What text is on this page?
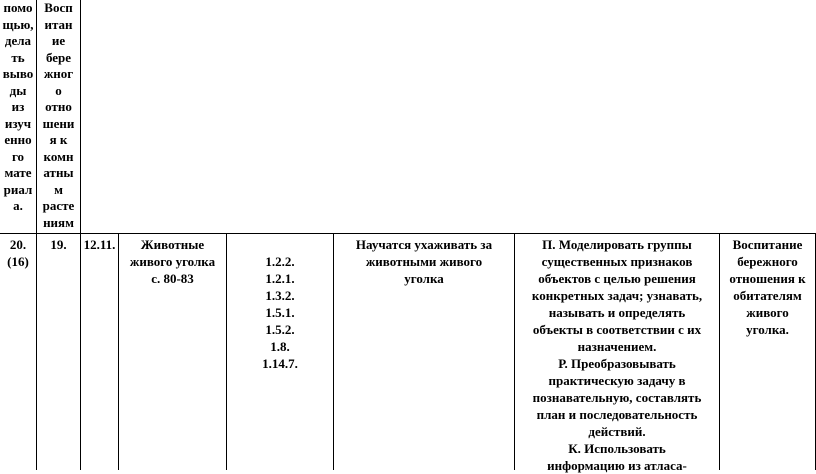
помо
щью,
дела
ть
выво
ды
из
изуч
енно
го
мате
риал
а.
Восп
итан
ие
бере
жног
о
отно
шени
я к
комн
атны
м
расте
ниям
20.
(16)
19.	12.11.	Животные
живого уголка
с. 80-83
1.2.2.
1.2.1.
1.3.2.
1.5.1.
1.5.2.
1.8.
1.14.7.
Научатся ухаживать за
животными живого
уголка
П. Моделировать группы
существенных признаков
объектов с целью решения
конкретных задач; узнавать,
называть и определять
объекты в соответствии с их
назначением.
Р. Преобразовывать
практическую задачу в
познавательную, составлять
план и последовательность
действий.
К. Использовать
информацию из атласа-
Воспитание
бережного
отношения к
обитателям
живого
уголка.
